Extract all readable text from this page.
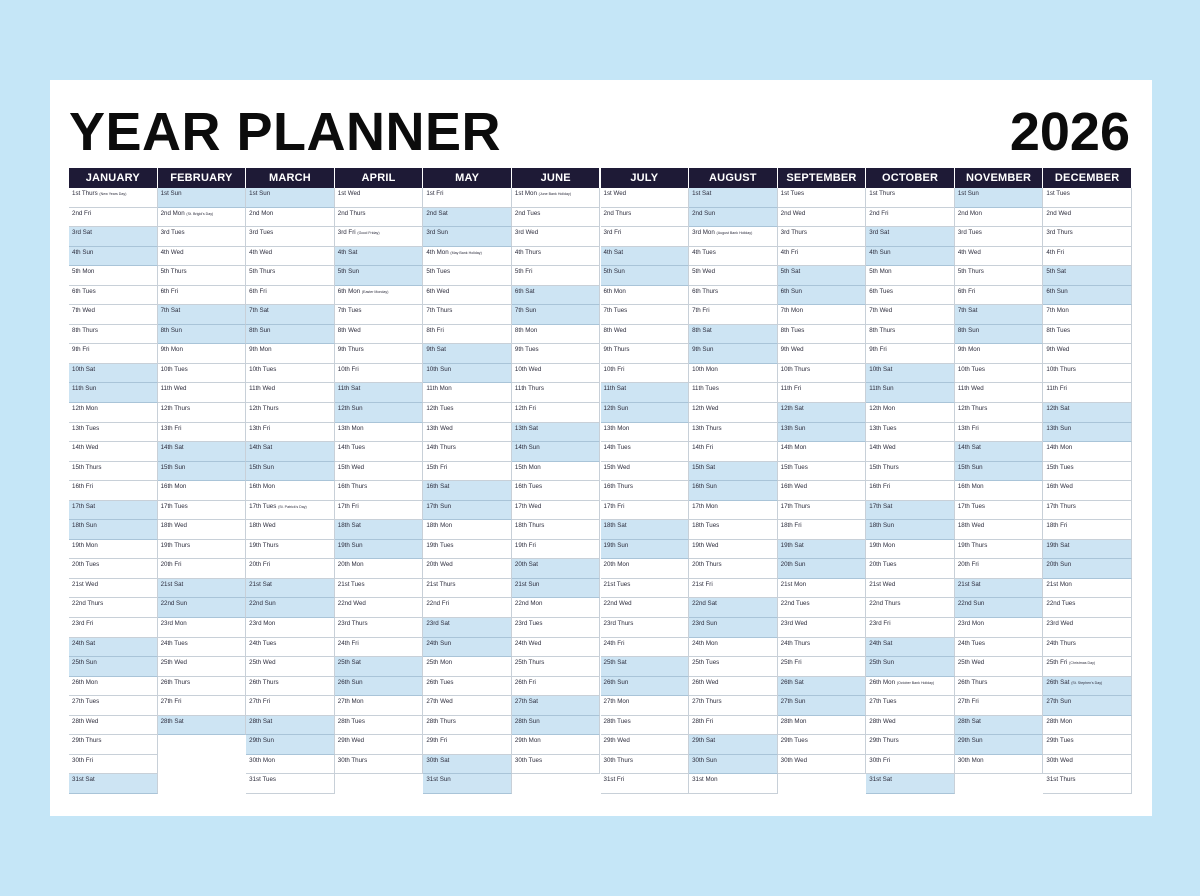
YEAR PLANNER	2026
JANUARY
1st Thurs (New Years Day)
2nd Fri
3rd Sat
4th Sun
5th Mon
6th Tues
7th Wed
8th Thurs
9th Fri
10th Sat
11th Sun
12th Mon
13th Tues
14th Wed
15th Thurs
16th Fri
17th Sat
18th Sun
19th Mon
20th Tues
21st Wed
22nd Thurs
23rd Fri
24th Sat
25th Sun
26th Mon
27th Tues
28th Wed
29th Thurs
30th Fri
31st Sat
FEBRUARY
1st Sun
2nd Mon (St. Brigid's Day)
3rd Tues
4th Wed
5th Thurs
6th Fri
7th Sat
8th Sun
9th Mon
10th Tues
11th Wed
12th Thurs
13th Fri
14th Sat
15th Sun
16th Mon
17th Tues
18th Wed
19th Thurs
20th Fri
21st Sat
22nd Sun
23rd Mon
24th Tues
25th Wed
26th Thurs
27th Fri
28th Sat
MARCH
1st Sun
2nd Mon
3rd Tues
4th Wed
5th Thurs
6th Fri
7th Sat
8th Sun
9th Mon
10th Tues
11th Wed
12th Thurs
13th Fri
14th Sat
15th Sun
16th Mon
17th Tues (St. Patrick's Day)
18th Wed
19th Thurs
20th Fri
21st Sat
22nd Sun
23rd Mon
24th Tues
25th Wed
26th Thurs
27th Fri
28th Sat
29th Sun
30th Mon
31st Tues
APRIL
1st Wed
2nd Thurs
3rd Fri (Good Friday)
4th Sat
5th Sun
6th Mon (Easter Monday)
7th Tues
8th Wed
9th Thurs
10th Fri
11th Sat
12th Sun
13th Mon
14th Tues
15th Wed
16th Thurs
17th Fri
18th Sat
19th Sun
20th Mon
21st Tues
22nd Wed
23rd Thurs
24th Fri
25th Sat
26th Sun
27th Mon
28th Tues
29th Wed
30th Thurs
MAY
1st Fri
2nd Sat
3rd Sun
4th Mon (May Bank Holiday)
5th Tues
6th Wed
7th Thurs
8th Fri
9th Sat
10th Sun
11th Mon
12th Tues
13th Wed
14th Thurs
15th Fri
16th Sat
17th Sun
18th Mon
19th Tues
20th Wed
21st Thurs
22nd Fri
23rd Sat
24th Sun
25th Mon
26th Tues
27th Wed
28th Thurs
29th Fri
30th Sat
31st Sun
JUNE
1st Mon (June Bank Holiday)
2nd Tues
3rd Wed
4th Thurs
5th Fri
6th Sat
7th Sun
8th Mon
9th Tues
10th Wed
11th Thurs
12th Fri
13th Sat
14th Sun
15th Mon
16th Tues
17th Wed
18th Thurs
19th Fri
20th Sat
21st Sun
22nd Mon
23rd Tues
24th Wed
25th Thurs
26th Fri
27th Sat
28th Sun
29th Mon
30th Tues
JULY
1st Wed
2nd Thurs
3rd Fri
4th Sat
5th Sun
6th Mon
7th Tues
8th Wed
9th Thurs
10th Fri
11th Sat
12th Sun
13th Mon
14th Tues
15th Wed
16th Thurs
17th Fri
18th Sat
19th Sun
20th Mon
21st Tues
22nd Wed
23rd Thurs
24th Fri
25th Sat
26th Sun
27th Mon
28th Tues
29th Wed
30th Thurs
31st Fri
AUGUST
1st Sat
2nd Sun
3rd Mon (August Bank Holiday)
4th Tues
5th Wed
6th Thurs
7th Fri
8th Sat
9th Sun
10th Mon
11th Tues
12th Wed
13th Thurs
14th Fri
15th Sat
16th Sun
17th Mon
18th Tues
19th Wed
20th Thurs
21st Fri
22nd Sat
23rd Sun
24th Mon
25th Tues
26th Wed
27th Thurs
28th Fri
29th Sat
30th Sun
31st Mon
SEPTEMBER
1st Tues
2nd Wed
3rd Thurs
4th Fri
5th Sat
6th Sun
7th Mon
8th Tues
9th Wed
10th Thurs
11th Fri
12th Sat
13th Sun
14th Mon
15th Tues
16th Wed
17th Thurs
18th Fri
19th Sat
20th Sun
21st Mon
22nd Tues
23rd Wed
24th Thurs
25th Fri
26th Sat
27th Sun
28th Mon
29th Tues
30th Wed
OCTOBER
1st Thurs
2nd Fri
3rd Sat
4th Sun
5th Mon
6th Tues
7th Wed
8th Thurs
9th Fri
10th Sat
11th Sun
12th Mon
13th Tues
14th Wed
15th Thurs
16th Fri
17th Sat
18th Sun
19th Mon
20th Tues
21st Wed
22nd Thurs
23rd Fri
24th Sat
25th Sun
26th Mon (October Bank Holiday)
27th Tues
28th Wed
29th Thurs
30th Fri
31st Sat
NOVEMBER
1st Sun
2nd Mon
3rd Tues
4th Wed
5th Thurs
6th Fri
7th Sat
8th Sun
9th Mon
10th Tues
11th Wed
12th Thurs
13th Fri
14th Sat
15th Sun
16th Mon
17th Tues
18th Wed
19th Thurs
20th Fri
21st Sat
22nd Sun
23rd Mon
24th Tues
25th Wed
26th Thurs
27th Fri
28th Sat
29th Sun
30th Mon
DECEMBER
1st Tues
2nd Wed
3rd Thurs
4th Fri
5th Sat
6th Sun
7th Mon
8th Tues
9th Wed
10th Thurs
11th Fri
12th Sat
13th Sun
14th Mon
15th Tues
16th Wed
17th Thurs
18th Fri
19th Sat
20th Sun
21st Mon
22nd Tues
23rd Wed
24th Thurs
25th Fri (Christmas Day)
26th Sat (St. Stephen's Day)
27th Sun
28th Mon
29th Tues
30th Wed
31st Thurs
